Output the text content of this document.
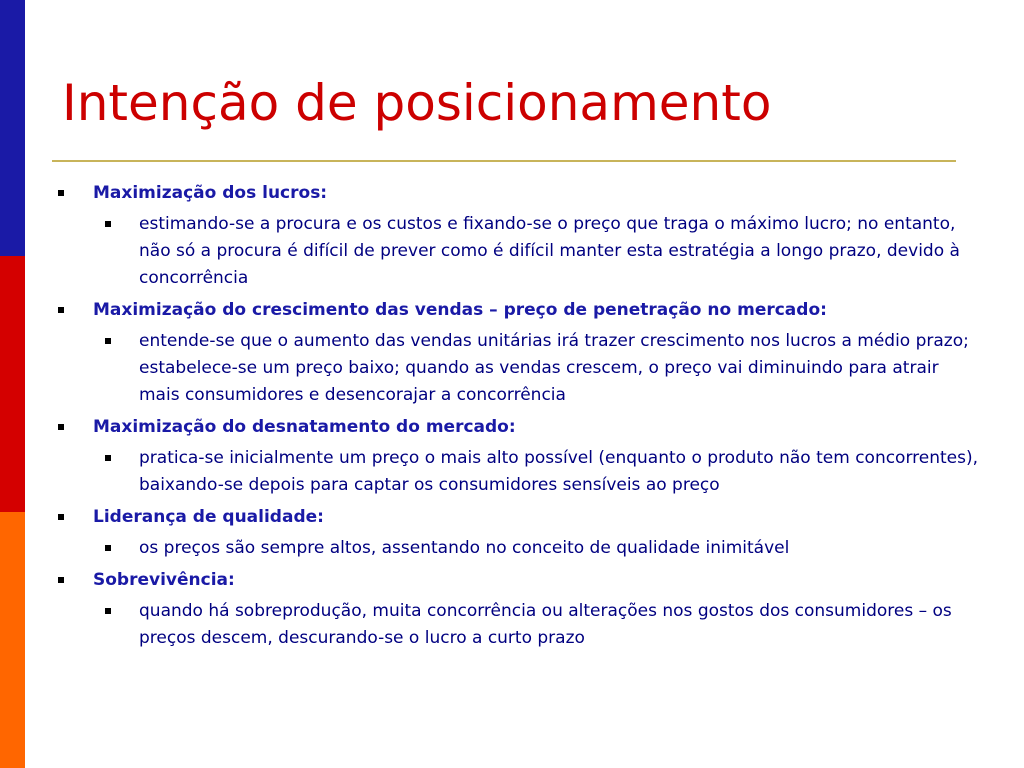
Intenção de posicionamento
Maximização dos lucros:
estimando-se a procura e os custos e fixando-se o preço que traga o máximo lucro; no entanto, não só a procura é difícil de prever como é difícil manter esta estratégia a longo prazo, devido à concorrência
Maximização do crescimento das vendas – preço de penetração no mercado:
entende-se que o aumento das vendas unitárias irá trazer crescimento nos lucros a médio prazo; estabelece-se um preço baixo; quando as vendas crescem, o preço vai diminuindo para atrair mais consumidores e desencorajar a concorrência
Maximização do desnatamento do mercado:
pratica-se inicialmente um preço o mais alto possível (enquanto o produto não tem concorrentes), baixando-se depois para captar os consumidores sensíveis ao preço
Liderança de qualidade:
os preços são sempre altos, assentando no conceito de qualidade inimitável
Sobrevivência:
quando há sobreprodução, muita concorrência ou alterações nos gostos dos consumidores – os preços descem, descurando-se o lucro a curto prazo
